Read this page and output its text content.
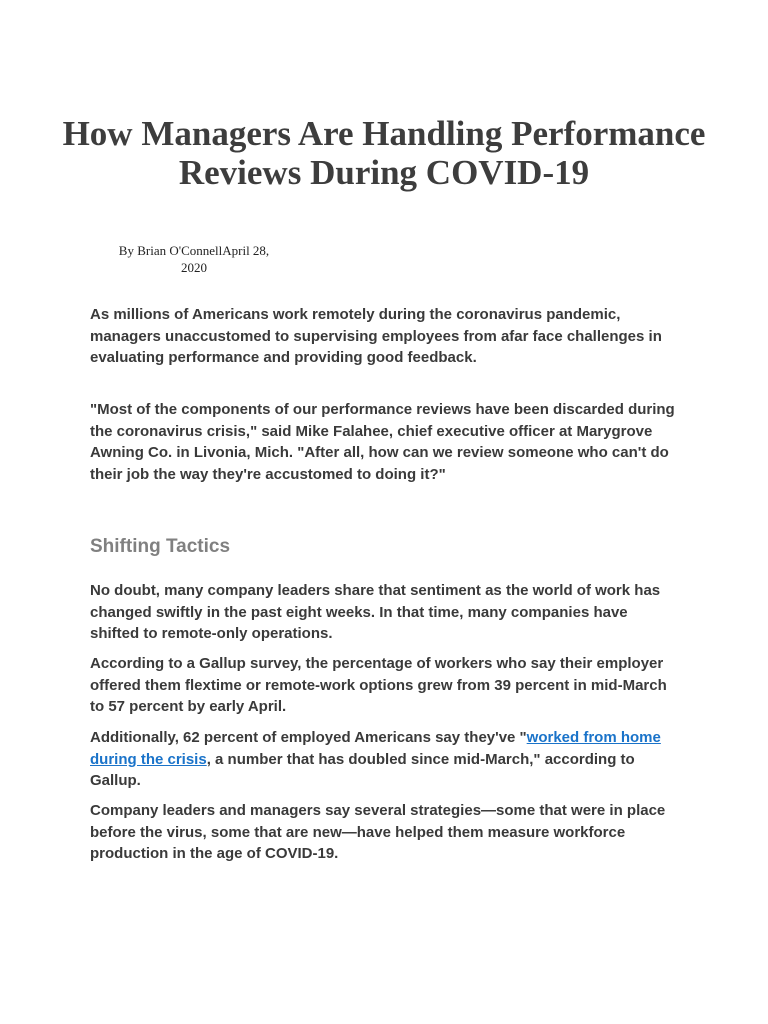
How Managers Are Handling Performance Reviews During COVID-19

By Brian O'ConnellApril 28, 2020

As millions of Americans work remotely during the coronavirus pandemic, managers unaccustomed to supervising employees from afar face challenges in evaluating performance and providing good feedback.

"Most of the components of our performance reviews have been discarded during the coronavirus crisis," said Mike Falahee, chief executive officer at Marygrove Awning Co. in Livonia, Mich. "After all, how can we review someone who can't do their job the way they're accustomed to doing it?"

Shifting Tactics

No doubt, many company leaders share that sentiment as the world of work has changed swiftly in the past eight weeks. In that time, many companies have shifted to remote-only operations.

According to a Gallup survey, the percentage of workers who say their employer offered them flextime or remote-work options grew from 39 percent in mid-March to 57 percent by early April.

Additionally, 62 percent of employed Americans say they've "worked from home during the crisis, a number that has doubled since mid-March," according to Gallup.

Company leaders and managers say several strategies—some that were in place before the virus, some that are new—have helped them measure workforce production in the age of COVID-19.
